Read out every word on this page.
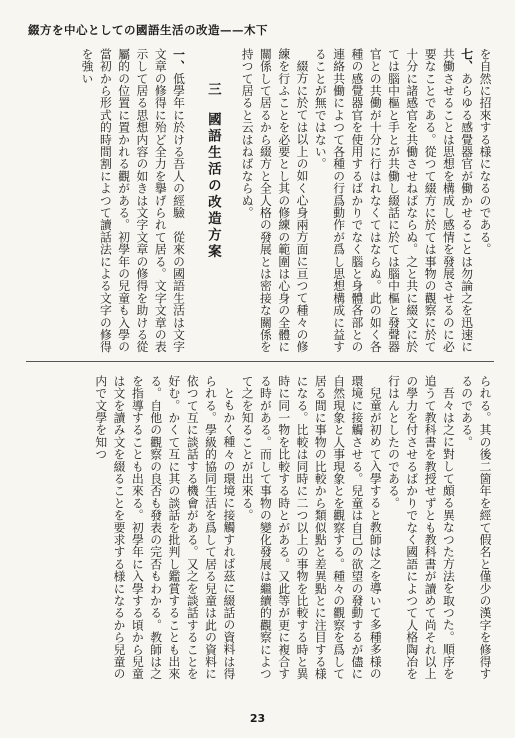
綴方を中心としての國語生活の改造——木下

を自然に招來する様になるのである。

七、あらゆる感覺器官が働かせることは勿論之を迅速に共働させることは思想を構成し感情を發展させるのに必要なことである。從つて綴方に於ては事物の觀察に於て十分に諸感官を共働させねばならぬ。之と共に綴文に於ては腦中樞と手とが共働し綴話に於ては腦中樞と發聲器官との共働が十分に行はれなくてはならぬ。此の如く各種の感覺器官を使用するばかりでなく腦と身體各部との連絡共働によつて各種の行爲動作が爲し思想構成に益することが無ではない。

綴方に於ては以上の如く心身兩方面に亘つて種々の修練を行ふことを必要とし其の修練の範圍は心身の全體に關係して居るから綴方と全人格の發展とは密接な關係を持つて居ると云はねばならぬ。

三國語生活の改造方案

一、低學年に於ける吾人の經驗　從來の國語生活は文字文章の修得に殆ど全力を擧げられて居る。文字文章の表示して居る思想内容の如きは文字文章の修得を助ける從屬的の位置に置かれる觀がある。初學年の兒童も入學の當初から形式的時間割によつて讀話法による文字の修得を強い

られる。其の後二箇年を經て假名と僅少の漢字を修得するのである。

吾々は之に對して頗る異なつた方法を取つた。順序を追うて教科書を教授せずとも教科書が讀めて尚それ以上の學力を付させるばかりでなく國語によつて人格陶冶を行はんとしたのである。

兒童が初めて入學すると教師は之を導いて多種多様の環境に接觸させる。兒童は自己の欲望の發動するが儘に自然現象と人事現象とを觀察する。種々の觀察を爲して居る間に事物の比較から類似點と差異點とに注目する様になる。比較は同時に二つ以上の事物を比較する時と異時に同一物を比較する時とがある。又此等が更に複合する時がある。而して事物の變化發展は繼續的觀察によつて之を知ることが出來る。

ともかく種々の環境に接觸すれば茲に綴話の資料は得られる。學級的協同生活を爲して居る兒童は此の資料に依つて互に談話する機會がある。又之を談話することを好む。かくて互に其の談話を批判し鑑賞することも出來る。自他の觀察の良否も發表の完否もわかる。教師は之を指導することも出來る。初學年に入學する頃から兒童は文を讀み文を綴ることを要求する様になるから兒童の内で文學を知つ

23
